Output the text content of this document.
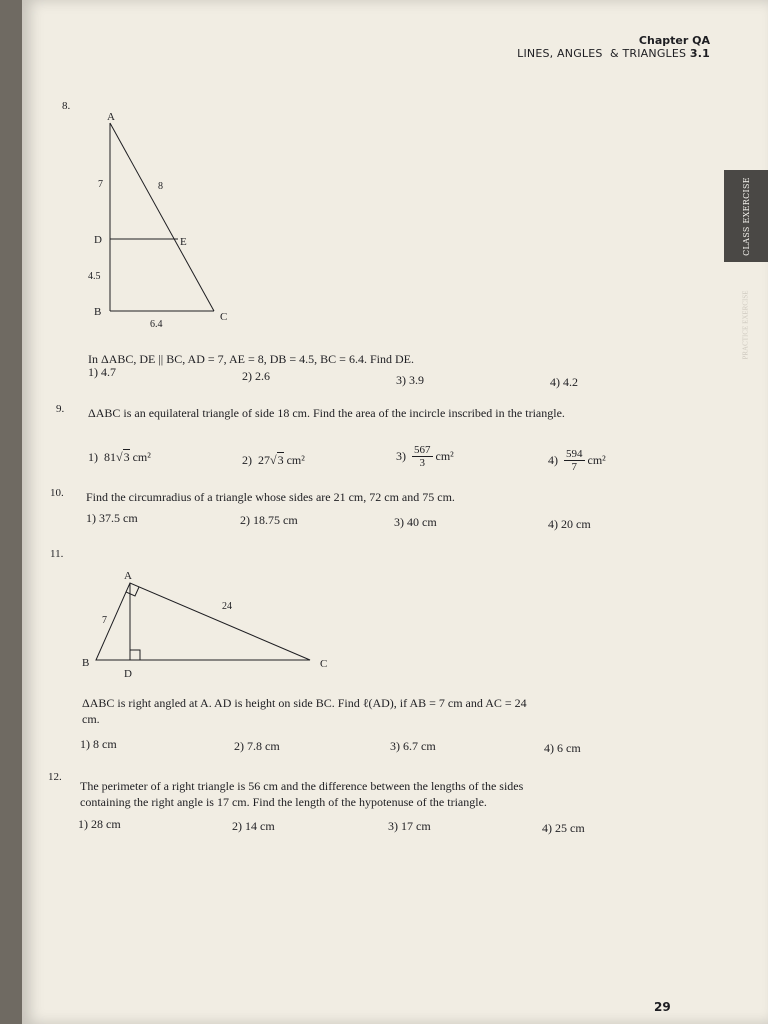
Chapter QA
LINES, ANGLES  & TRIANGLES 3.1
CLASS EXERCISE
PRACTICE EXERCISE
8.
A
D	E
B	C
7	8
4.5
6.4
In ΔABC, DE || BC, AD = 7, AE = 8, DB = 4.5, BC = 6.4. Find DE.
1) 4.7	2) 2.6	3) 3.9	4) 4.2
9. ΔABC is an equilateral triangle of side 18 cm. Find the area of the incircle inscribed in the triangle.
1) 81√3 cm²	2) 27√3 cm²	$3) \frac{567}{3} cm^2$	$4) \frac{594}{7} cm^2$
10. Find the circumradius of a triangle whose sides are 21 cm, 72 cm and 75 cm.
1) 37.5 cm	2) 18.75 cm	3) 40 cm	4) 20 cm
11.
A
B	C
D
7
24
ΔABC is right angled at A. AD is height on side BC. Find ℓ(AD), if AB = 7 cm and AC = 24
cm.
1) 8 cm	2) 7.8 cm	3) 6.7 cm	4) 6 cm
12.
The perimeter of a right triangle is 56 cm and the difference between the lengths of the sides
containing the right angle is 17 cm. Find the length of the hypotenuse of the triangle.
1) 28 cm	2) 14 cm	3) 17 cm	4) 25 cm
29
